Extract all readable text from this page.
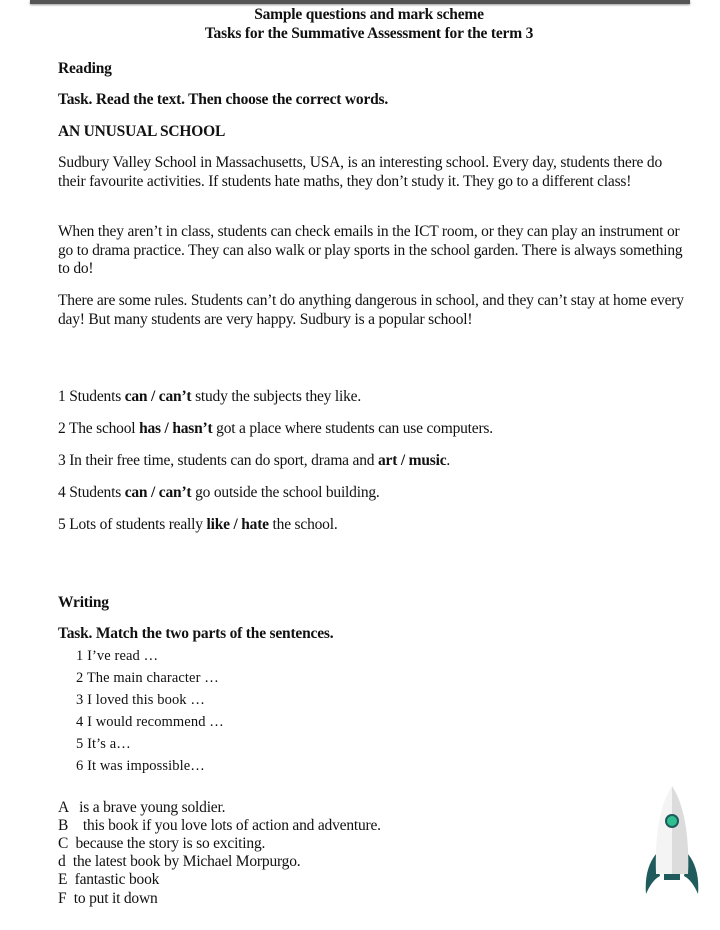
Sample questions and mark scheme
Tasks for the Summative Assessment for the term 3
Reading
Task. Read the text. Then choose the correct words.
AN UNUSUAL SCHOOL
Sudbury Valley School in Massachusetts, USA, is an interesting school. Every day, students there do their favourite activities. If students hate maths, they don’t study it. They go to a different class!
When they aren’t in class, students can check emails in the ICT room, or they can play an instrument or go to drama practice. They can also walk or play sports in the school garden. There is always something to do!
There are some rules. Students can’t do anything dangerous in school, and they can’t stay at home every day! But many students are very happy. Sudbury is a popular school!
1 Students can / can’t study the subjects they like.
2 The school has / hasn’t got a place where students can use computers.
3 In their free time, students can do sport, drama and art / music.
4 Students can / can’t go outside the school building.
5 Lots of students really like / hate the school.
Writing
Task. Match the two parts of the sentences.
1 I’ve read …
2 The main character …
3 I loved this book …
4 I would recommend …
5 It’s a…
6 It was impossible…
A   is a brave young soldier.
B    this book if you love lots of action and adventure.
C  because the story is so exciting.
d  the latest book by Michael Morpurgo.
E  fantastic book
F  to put it down
